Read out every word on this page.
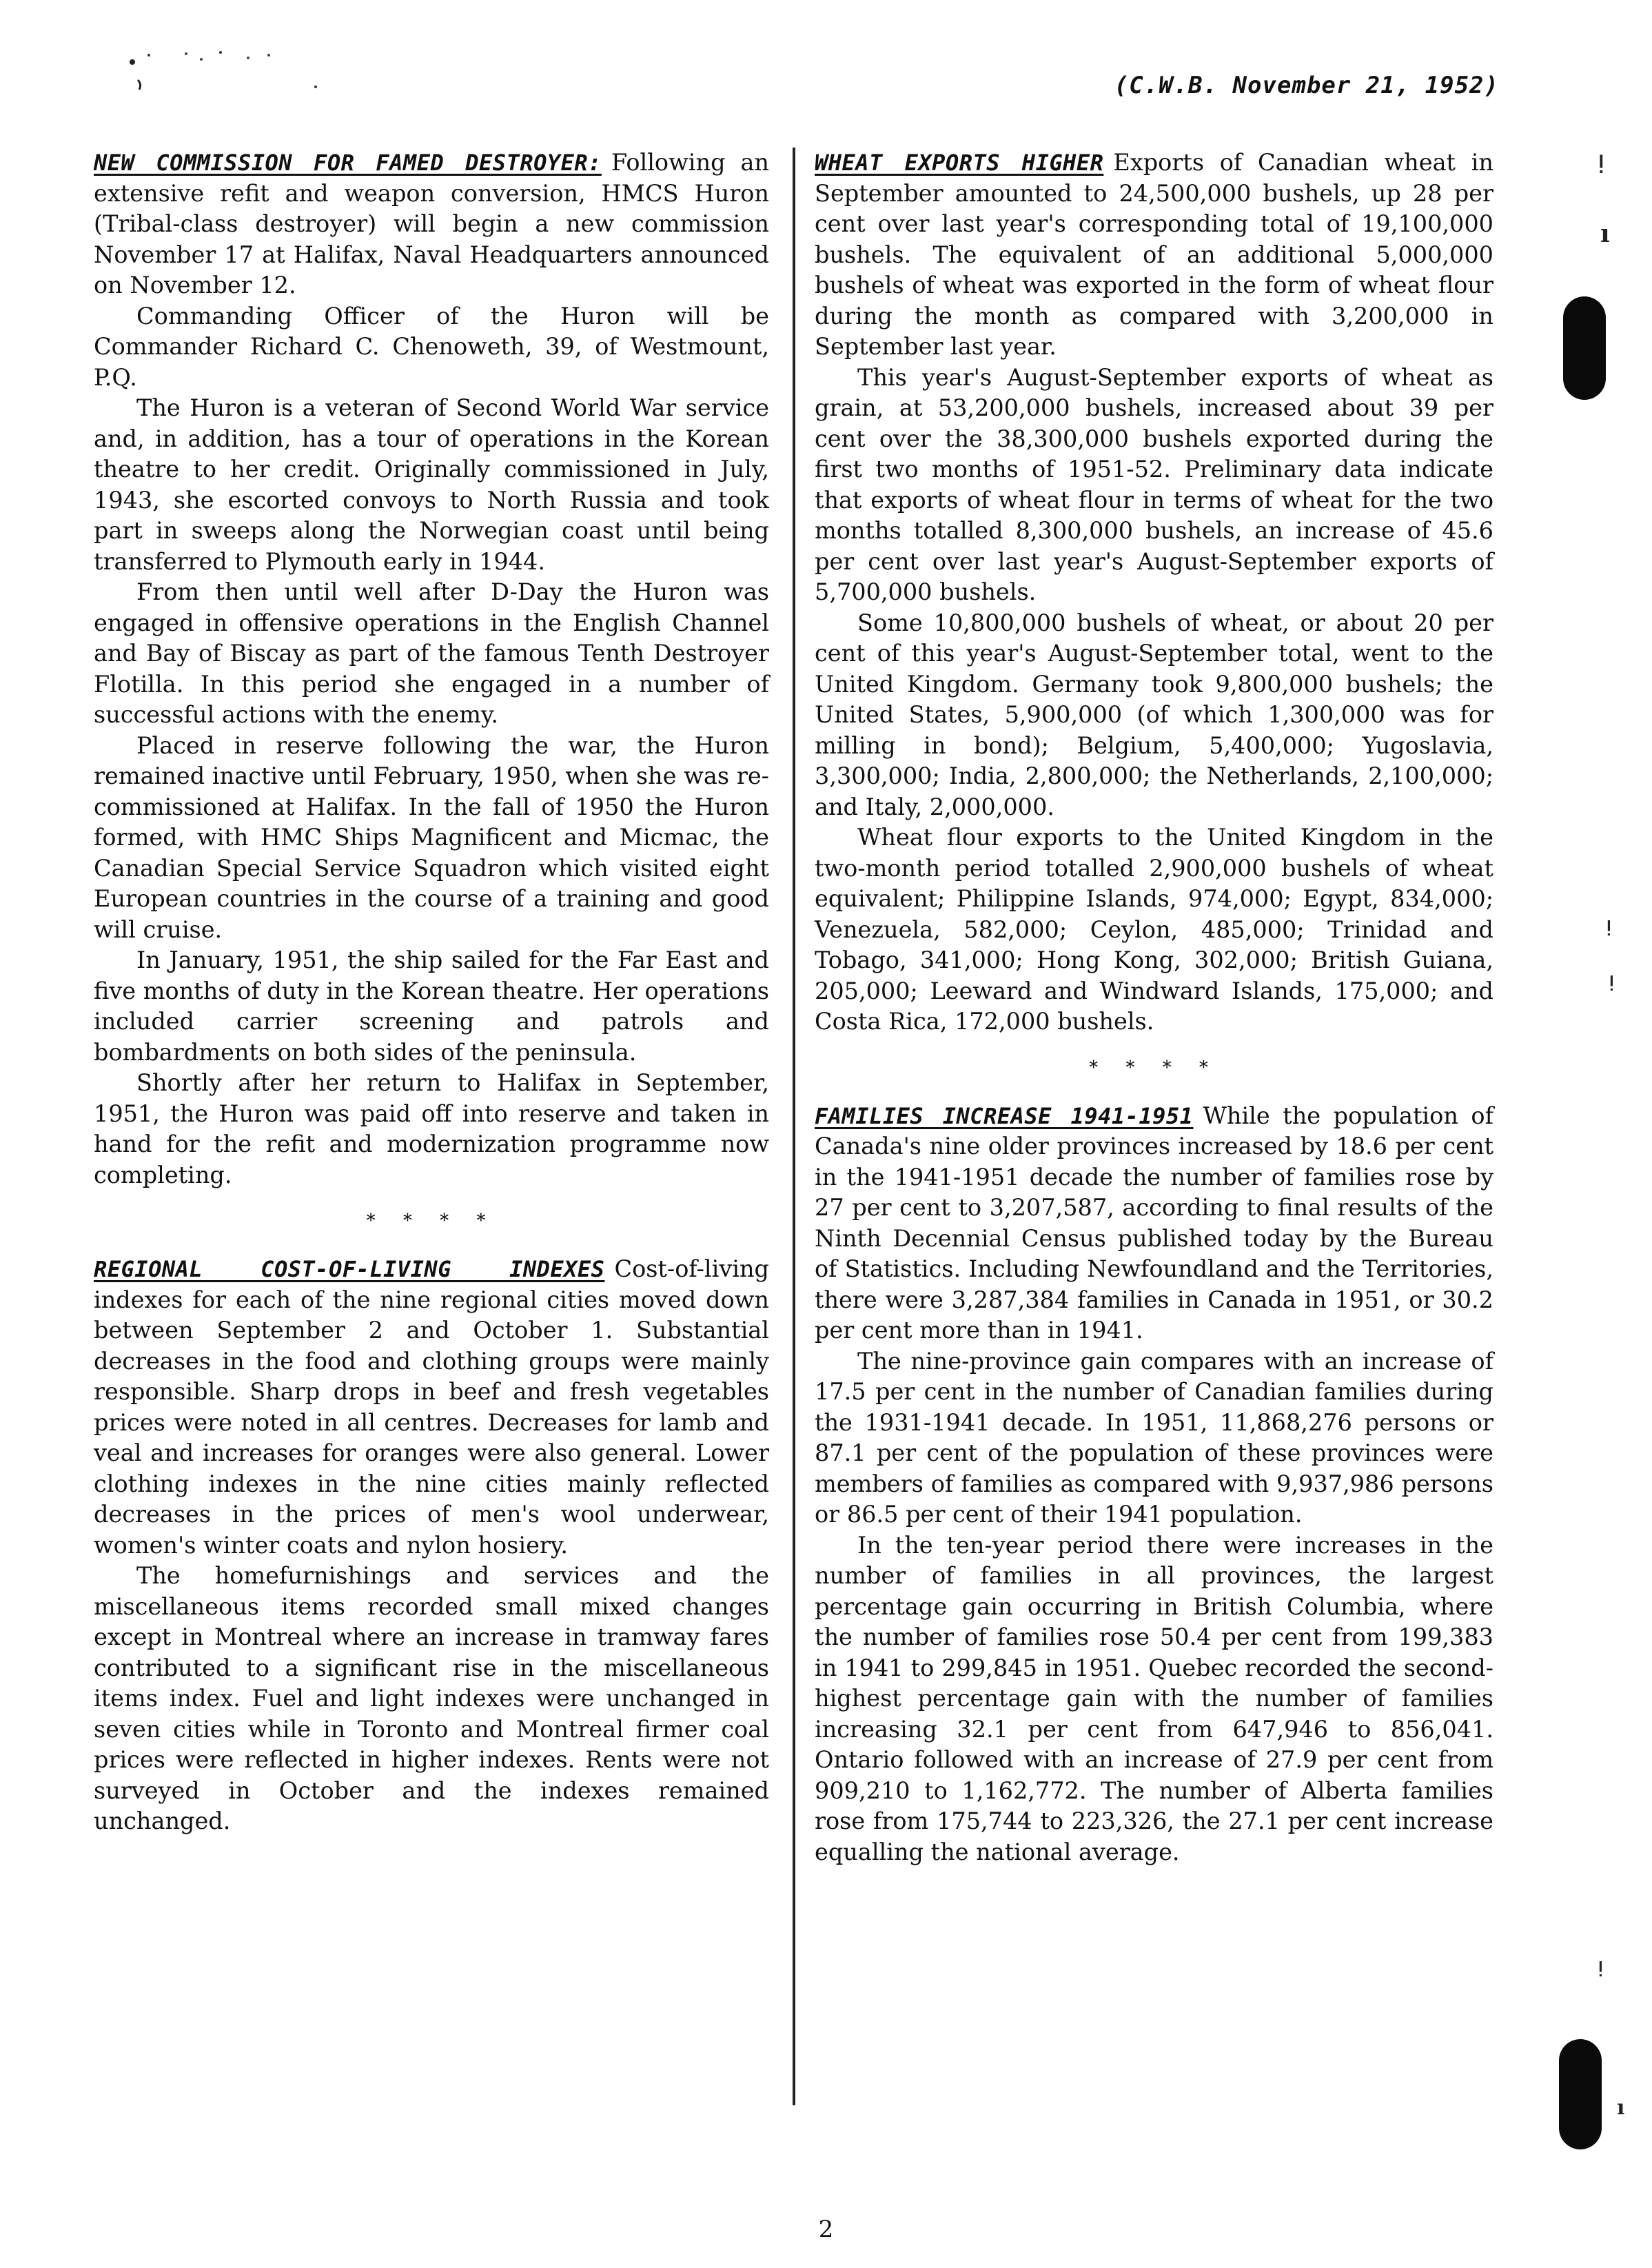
(C.W.B. November 21, 1952)

NEW COMMISSION FOR FAMED DESTROYER: Following an extensive refit and weapon conversion, HMCS Huron (Tribal-class destroyer) will begin a new commission November 17 at Halifax, Naval Headquarters announced on November 12.

Commanding Officer of the Huron will be Commander Richard C. Chenoweth, 39, of Westmount, P.Q.

The Huron is a veteran of Second World War service and, in addition, has a tour of operations in the Korean theatre to her credit. Originally commissioned in July, 1943, she escorted convoys to North Russia and took part in sweeps along the Norwegian coast until being transferred to Plymouth early in 1944.

From then until well after D-Day the Huron was engaged in offensive operations in the English Channel and Bay of Biscay as part of the famous Tenth Destroyer Flotilla. In this period she engaged in a number of successful actions with the enemy.

Placed in reserve following the war, the Huron remained inactive until February, 1950, when she was re-commissioned at Halifax. In the fall of 1950 the Huron formed, with HMC Ships Magnificent and Micmac, the Canadian Special Service Squadron which visited eight European countries in the course of a training and good will cruise.

In January, 1951, the ship sailed for the Far East and five months of duty in the Korean theatre. Her operations included carrier screening and patrols and bombardments on both sides of the peninsula.

Shortly after her return to Halifax in September, 1951, the Huron was paid off into reserve and taken in hand for the refit and modernization programme now completing.

* * * *

REGIONAL COST-OF-LIVING INDEXES Cost-of-living indexes for each of the nine regional cities moved down between September 2 and October 1. Substantial decreases in the food and clothing groups were mainly responsible. Sharp drops in beef and fresh vegetables prices were noted in all centres. Decreases for lamb and veal and increases for oranges were also general. Lower clothing indexes in the nine cities mainly reflected decreases in the prices of men's wool underwear, women's winter coats and nylon hosiery.

The homefurnishings and services and the miscellaneous items recorded small mixed changes except in Montreal where an increase in tramway fares contributed to a significant rise in the miscellaneous items index. Fuel and light indexes were unchanged in seven cities while in Toronto and Montreal firmer coal prices were reflected in higher indexes. Rents were not surveyed in October and the indexes remained unchanged.

WHEAT EXPORTS HIGHER Exports of Canadian wheat in September amounted to 24,500,000 bushels, up 28 per cent over last year's corresponding total of 19,100,000 bushels. The equivalent of an additional 5,000,000 bushels of wheat was exported in the form of wheat flour during the month as compared with 3,200,000 in September last year.

This year's August-September exports of wheat as grain, at 53,200,000 bushels, increased about 39 per cent over the 38,300,000 bushels exported during the first two months of 1951-52. Preliminary data indicate that exports of wheat flour in terms of wheat for the two months totalled 8,300,000 bushels, an increase of 45.6 per cent over last year's August-September exports of 5,700,000 bushels.

Some 10,800,000 bushels of wheat, or about 20 per cent of this year's August-September total, went to the United Kingdom. Germany took 9,800,000 bushels; the United States, 5,900,000 (of which 1,300,000 was for milling in bond); Belgium, 5,400,000; Yugoslavia, 3,300,000; India, 2,800,000; the Netherlands, 2,100,000; and Italy, 2,000,000.

Wheat flour exports to the United Kingdom in the two-month period totalled 2,900,000 bushels of wheat equivalent; Philippine Islands, 974,000; Egypt, 834,000; Venezuela, 582,000; Ceylon, 485,000; Trinidad and Tobago, 341,000; Hong Kong, 302,000; British Guiana, 205,000; Leeward and Windward Islands, 175,000; and Costa Rica, 172,000 bushels.

* * * *

FAMILIES INCREASE 1941-1951 While the population of Canada's nine older provinces increased by 18.6 per cent in the 1941-1951 decade the number of families rose by 27 per cent to 3,207,587, according to final results of the Ninth Decennial Census published today by the Bureau of Statistics. Including Newfoundland and the Territories, there were 3,287,384 families in Canada in 1951, or 30.2 per cent more than in 1941.

The nine-province gain compares with an increase of 17.5 per cent in the number of Canadian families during the 1931-1941 decade. In 1951, 11,868,276 persons or 87.1 per cent of the population of these provinces were members of families as compared with 9,937,986 persons or 86.5 per cent of their 1941 population.

In the ten-year period there were increases in the number of families in all provinces, the largest percentage gain occurring in British Columbia, where the number of families rose 50.4 per cent from 199,383 in 1941 to 299,845 in 1951. Quebec recorded the second-highest percentage gain with the number of families increasing 32.1 per cent from 647,946 to 856,041. Ontario followed with an increase of 27.9 per cent from 909,210 to 1,162,772. The number of Alberta families rose from 175,744 to 223,326, the 27.1 per cent increase equalling the national average.

ǃ
ı
ǃ
ǃ
ǃ
ı
2
